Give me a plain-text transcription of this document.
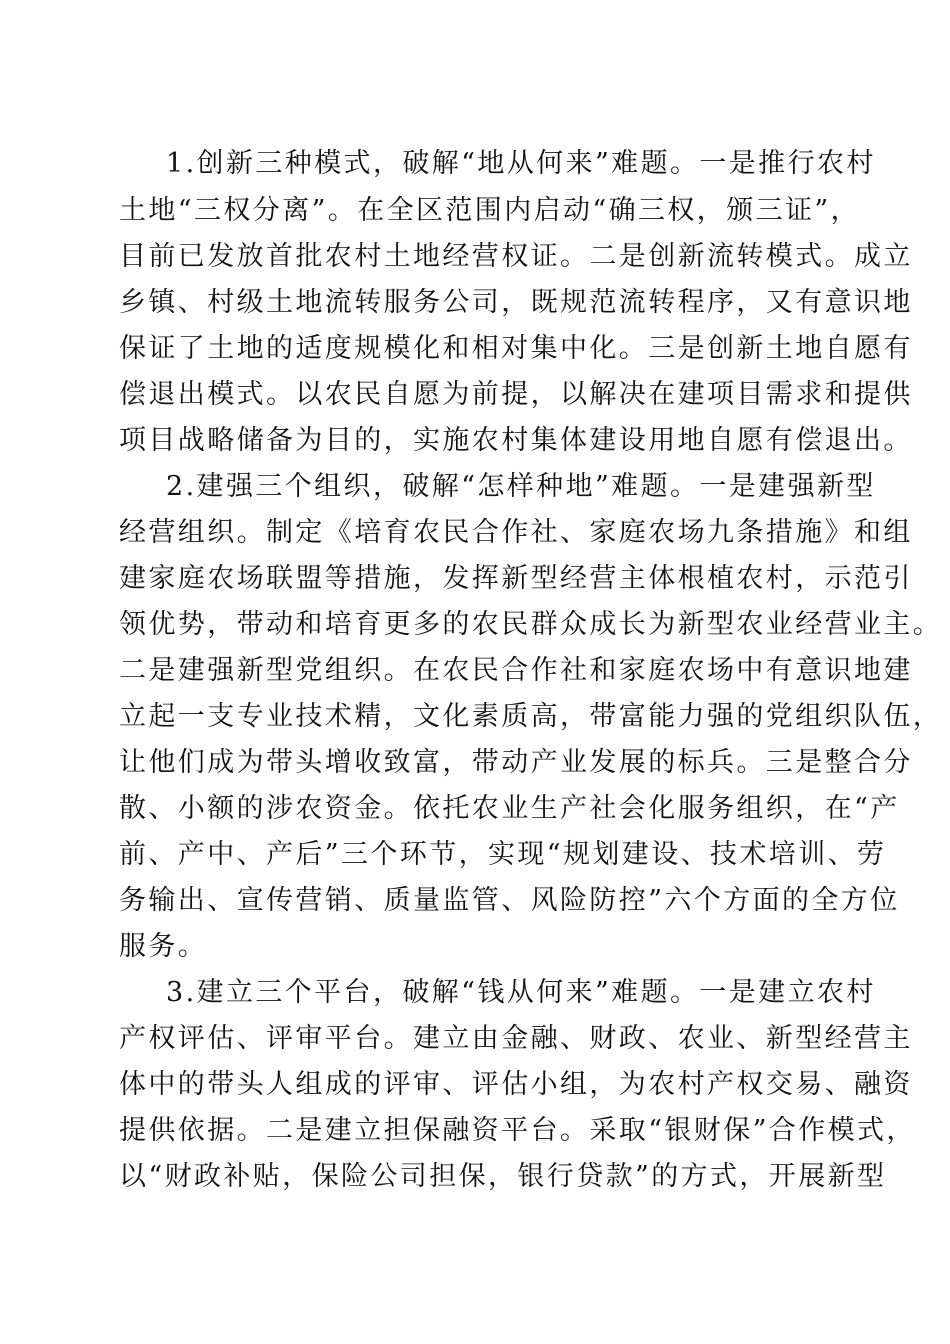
1.创新三种模式，破解“地从何来”难题。一是推行农村
土地“三权分离”。在全区范围内启动“确三权，颁三证”，
目前已发放首批农村土地经营权证。二是创新流转模式。成立
乡镇、村级土地流转服务公司，既规范流转程序，又有意识地
保证了土地的适度规模化和相对集中化。三是创新土地自愿有
偿退出模式。以农民自愿为前提，以解决在建项目需求和提供
项目战略储备为目的，实施农村集体建设用地自愿有偿退出。
2.建强三个组织，破解“怎样种地”难题。一是建强新型
经营组织。制定《培育农民合作社、家庭农场九条措施》和组
建家庭农场联盟等措施，发挥新型经营主体根植农村，示范引
领优势，带动和培育更多的农民群众成长为新型农业经营业主。
二是建强新型党组织。在农民合作社和家庭农场中有意识地建
立起一支专业技术精，文化素质高，带富能力强的党组织队伍，
让他们成为带头增收致富，带动产业发展的标兵。三是整合分
散、小额的涉农资金。依托农业生产社会化服务组织，在“产
前、产中、产后”三个环节，实现“规划建设、技术培训、劳
务输出、宣传营销、质量监管、风险防控”六个方面的全方位
服务。
3.建立三个平台，破解“钱从何来”难题。一是建立农村
产权评估、评审平台。建立由金融、财政、农业、新型经营主
体中的带头人组成的评审、评估小组，为农村产权交易、融资
提供依据。二是建立担保融资平台。采取“银财保”合作模式，
以“财政补贴，保险公司担保，银行贷款”的方式，开展新型
